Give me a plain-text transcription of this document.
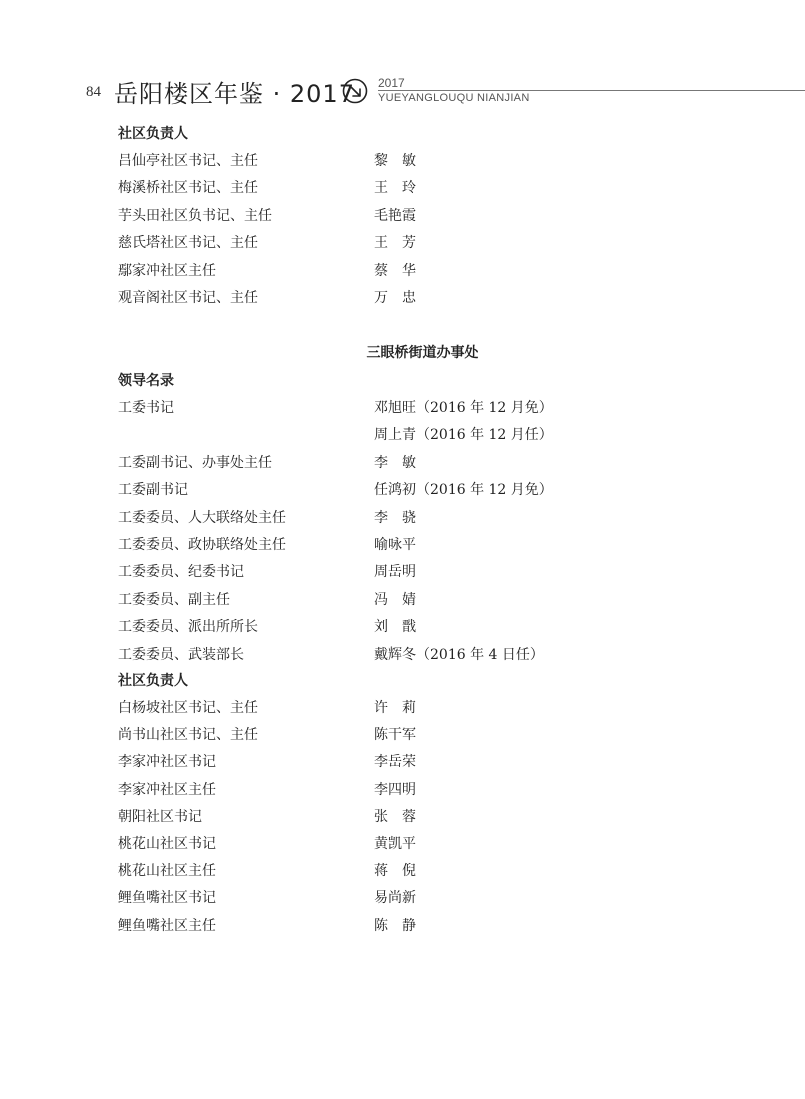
84 岳阳楼区年鉴 · 2017 2017
YUEYANGLOUQU NIANJIAN
社区负责人
吕仙亭社区书记、主任	黎　敏
梅溪桥社区书记、主任	王　玲
芋头田社区负书记、主任	毛艳霞
慈氏塔社区书记、主任	王　芳
鄢家冲社区主任	蔡　华
观音阁社区书记、主任	万　忠
三眼桥街道办事处
领导名录
工委书记	邓旭旺（2016 年 12 月免）
周上青（2016 年 12 月任）
工委副书记、办事处主任	李　敏
工委副书记	任鸿初（2016 年 12 月免）
工委委员、人大联络处主任	李　骁
工委委员、政协联络处主任	喻咏平
工委委员、纪委书记	周岳明
工委委员、副主任	冯　婧
工委委员、派出所所长	刘　戬
工委委员、武装部长	戴辉冬（2016 年 4 日任）
社区负责人
白杨坡社区书记、主任	许　莉
尚书山社区书记、主任	陈干军
李家冲社区书记	李岳荣
李家冲社区主任	李四明
朝阳社区书记	张　蓉
桃花山社区书记	黄凯平
桃花山社区主任	蒋　倪
鲤鱼嘴社区书记	易尚新
鲤鱼嘴社区主任	陈　静
